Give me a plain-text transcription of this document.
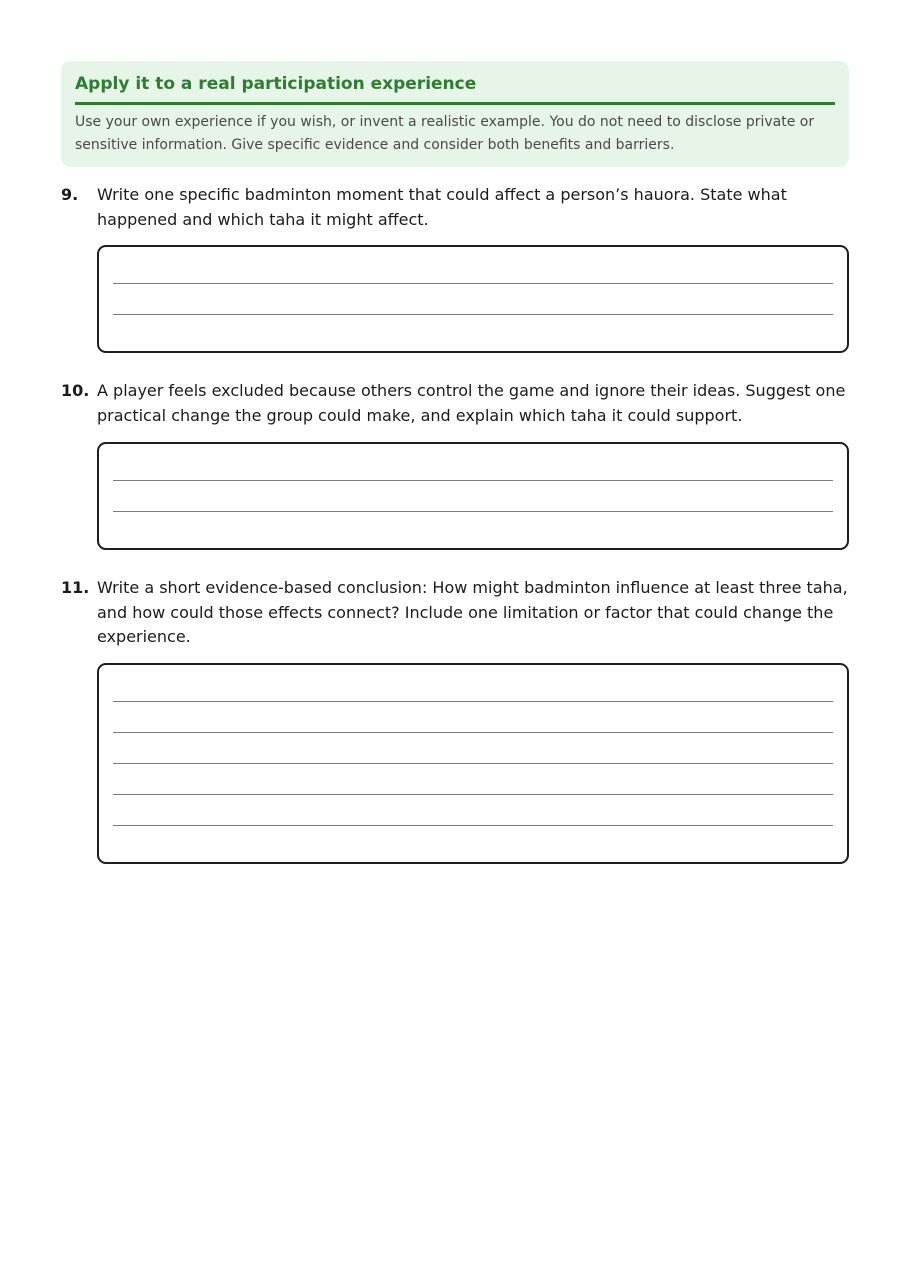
Apply it to a real participation experience
Use your own experience if you wish, or invent a realistic example. You do not need to disclose private or sensitive information. Give specific evidence and consider both benefits and barriers.
9.	Write one specific badminton moment that could affect a person’s hauora. State what happened and which taha it might affect.
10. A player feels excluded because others control the game and ignore their ideas. Suggest one practical change the group could make, and explain which taha it could support.
11. Write a short evidence-based conclusion: How might badminton influence at least three taha, and how could those effects connect? Include one limitation or factor that could change the experience.
